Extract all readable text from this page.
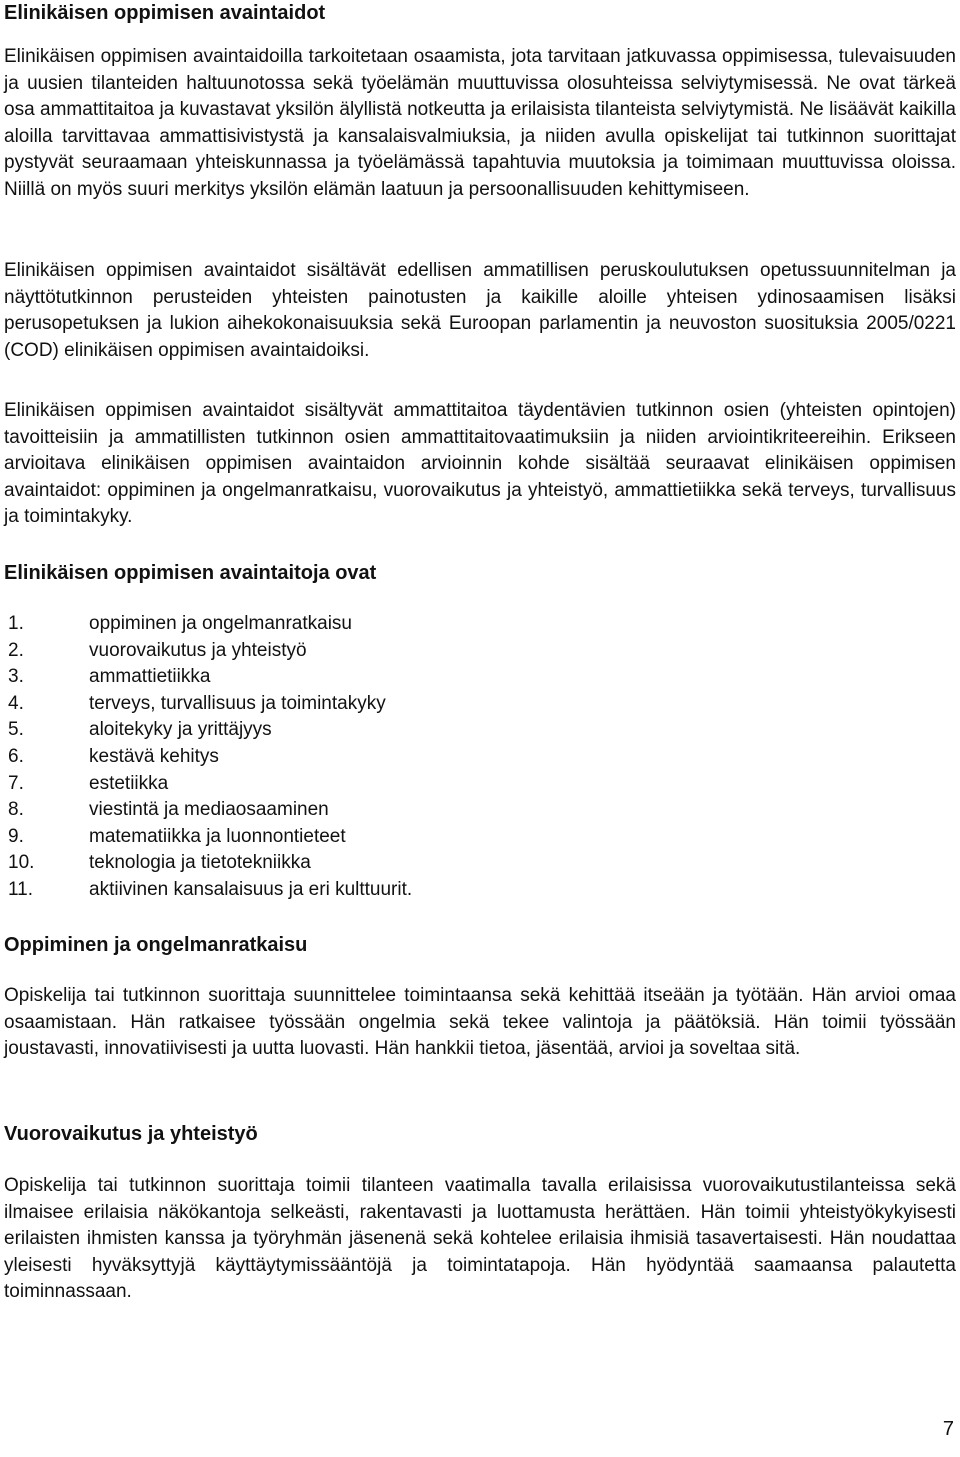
Elinikäisen oppimisen avaintaidot

Elinikäisen oppimisen avaintaidoilla tarkoitetaan osaamista, jota tarvitaan jatkuvassa oppimisessa, tulevaisuuden ja uusien tilanteiden haltuunotossa sekä työelämän muuttuvissa olosuhteissa selviytymisessä. Ne ovat tärkeä osa ammattitaitoa ja kuvastavat yksilön älyllistä notkeutta ja erilaisista tilanteista selviytymistä. Ne lisäävät kaikilla aloilla tarvittavaa ammattisivistystä ja kansalaisvalmiuksia, ja niiden avulla opiskelijat tai tutkinnon suorittajat pystyvät seuraamaan yhteiskunnassa ja työelämässä tapahtuvia muutoksia ja toimimaan muuttuvissa oloissa. Niillä on myös suuri merkitys yksilön elämän laatuun ja persoonallisuuden kehittymiseen.

Elinikäisen oppimisen avaintaidot sisältävät edellisen ammatillisen peruskoulutuksen opetussuunnitelman ja näyttötutkinnon perusteiden yhteisten painotusten ja kaikille aloille yhteisen ydinosaamisen lisäksi perusopetuksen ja lukion aihekokonaisuuksia sekä Euroopan parlamentin ja neuvoston suosituksia 2005/0221 (COD) elinikäisen oppimisen avaintaidoiksi.

Elinikäisen oppimisen avaintaidot sisältyvät ammattitaitoa täydentävien tutkinnon osien (yhteisten opintojen) tavoitteisiin ja ammatillisten tutkinnon osien ammattitaitovaatimuksiin ja niiden arviointikriteereihin. Erikseen arvioitava elinikäisen oppimisen avaintaidon arvioinnin kohde sisältää seuraavat elinikäisen oppimisen avaintaidot: oppiminen ja ongelmanratkaisu, vuorovaikutus ja yhteistyö, ammattietiikka sekä terveys, turvallisuus ja toimintakyky.

Elinikäisen oppimisen avaintaitoja ovat
1.	oppiminen ja ongelmanratkaisu
2.	vuorovaikutus ja yhteistyö
3.	ammattietiikka
4.	terveys, turvallisuus ja toimintakyky
5.	aloitekyky ja yrittäjyys
6.	kestävä kehitys
7.	estetiikka
8.	viestintä ja mediaosaaminen
9.	matematiikka ja luonnontieteet
10.	teknologia ja tietotekniikka
11.	aktiivinen kansalaisuus ja eri kulttuurit.
Oppiminen ja ongelmanratkaisu

Opiskelija tai tutkinnon suorittaja suunnittelee toimintaansa sekä kehittää itseään ja työtään. Hän arvioi omaa osaamistaan. Hän ratkaisee työssään ongelmia sekä tekee valintoja ja päätöksiä. Hän toimii työssään joustavasti, innovatiivisesti ja uutta luovasti. Hän hankkii tietoa, jäsentää, arvioi ja soveltaa sitä.

Vuorovaikutus ja yhteistyö

Opiskelija tai tutkinnon suorittaja toimii tilanteen vaatimalla tavalla erilaisissa vuorovaikutustilanteissa sekä ilmaisee erilaisia näkökantoja selkeästi, rakentavasti ja luottamusta herättäen. Hän toimii yhteistyökykyisesti erilaisten ihmisten kanssa ja työryhmän jäsenenä sekä kohtelee erilaisia ihmisiä tasavertaisesti. Hän noudattaa yleisesti hyväksyttyjä käyttäytymissääntöjä ja toimintatapoja. Hän hyödyntää saamaansa palautetta toiminnassaan.

7
